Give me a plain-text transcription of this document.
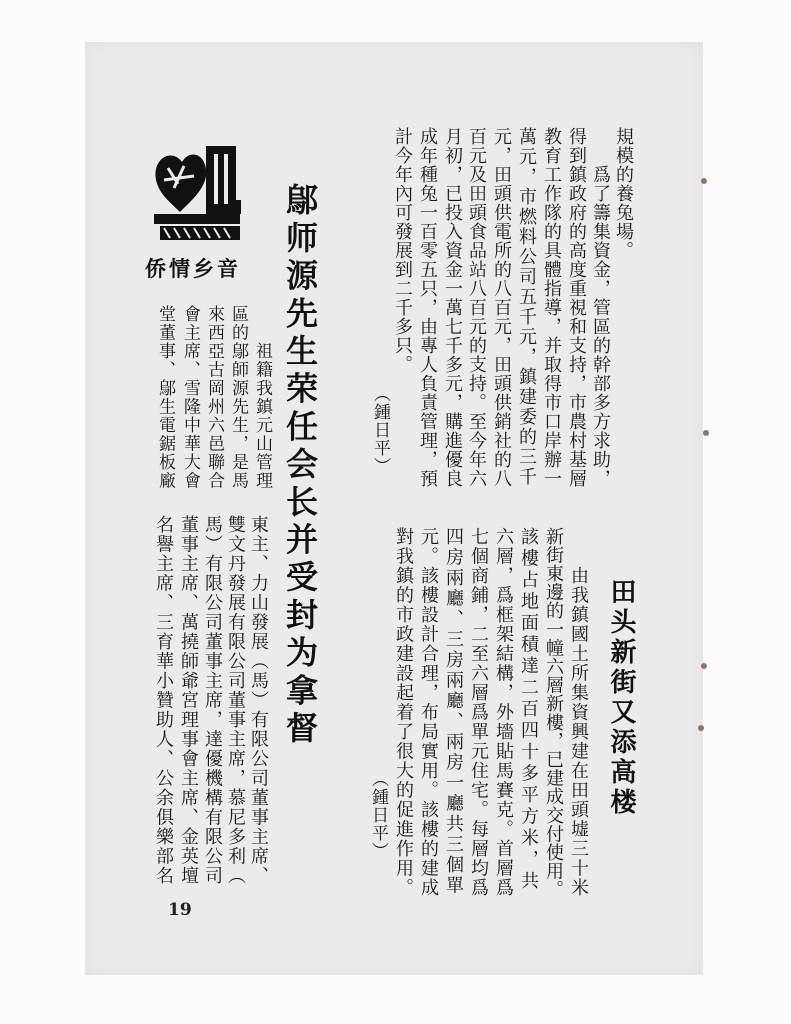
規模的養兔場。
爲了籌集資金，管區的幹部多方求助，
得到鎮政府的高度重視和支持，市農村基層
教育工作隊的具體指導，并取得市口岸辦一
萬元，市燃料公司五千元，鎮建委的三千
元，田頭供電所的八百元，田頭供銷社的八
百元及田頭食品站八百元的支持。至今年六
月初，已投入資金一萬七千多元，購進優良
成年種兔一百零五只，由專人負責管理，預
計今年內可發展到二千多只。
（鍾日平）
侨情乡音 鄔师源先生荣任会长并受封为拿督
祖籍我鎮元山管理
區的鄔師源先生，是馬
來西亞古岡州六邑聯合
會主席、雪隆中華大會
堂董事、鄔生電鋸板廠
東主、力山發展（馬）有限公司董事主席、
雙文丹發展有限公司董事主席，慕尼多利（
馬）有限公司董事主席，達優機構有限公司
董事主席、萬撓師爺宮理事會主席、金英壇
名譽主席、三育華小贊助人、公余俱樂部名	田头新街又添高楼
由我鎮國土所集資興建在田頭墟三十米
新街東邊的一幢六層新樓，已建成交付使用。
該樓占地面積達二百四十多平方米，共
六層，爲框架結構，外墻貼馬賽克。首層爲
七個商鋪，二至六層爲單元住宅。每層均爲
四房兩廳、三房兩廳、兩房一廳共三個單
元。該樓設計合理，布局實用。該樓的建成
對我鎮的市政建設起着了很大的促進作用。
（鍾日平）
19
